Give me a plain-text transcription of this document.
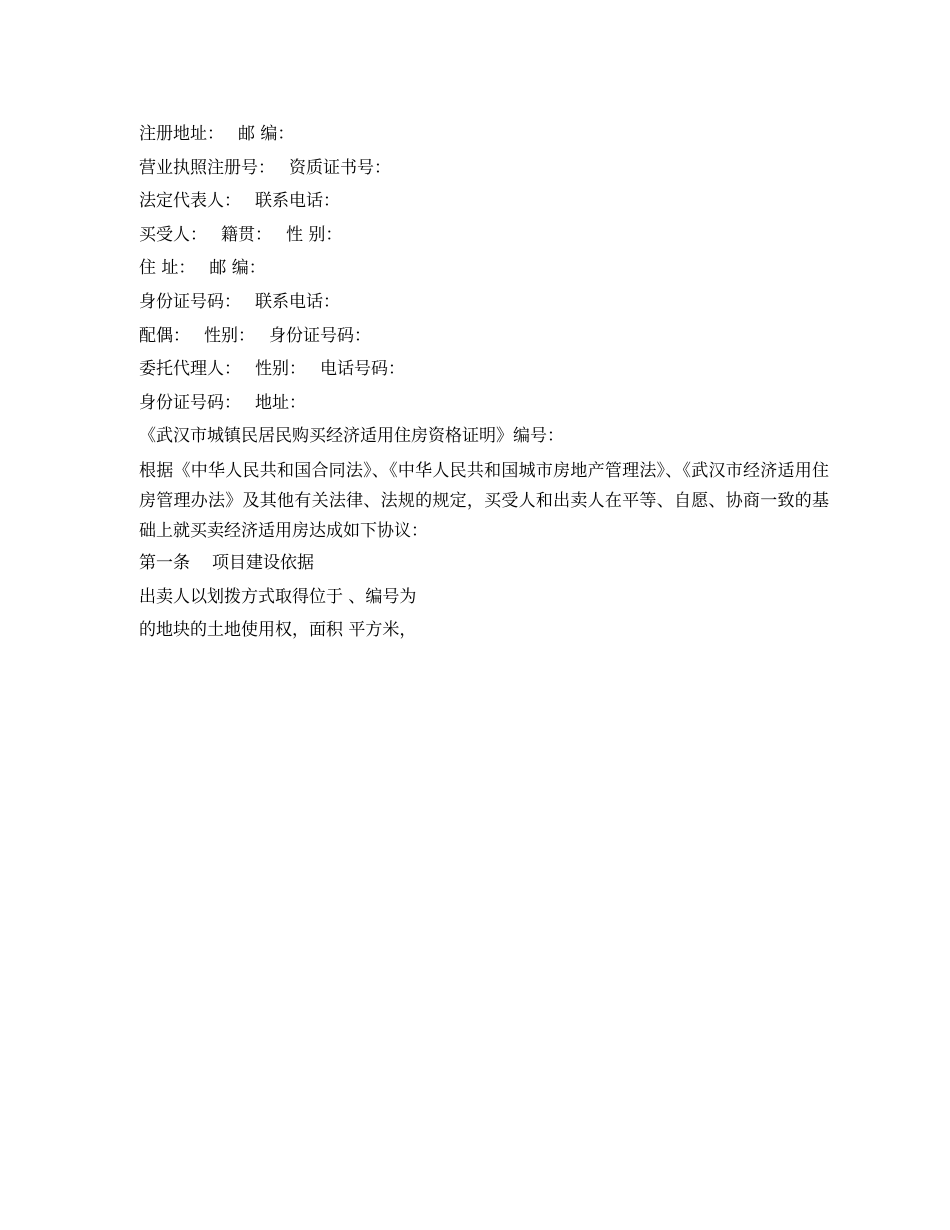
注册地址： 邮 编：
营业执照注册号： 资质证书号：
法定代表人： 联系电话：
买受人： 籍贯： 性 别：
住 址： 邮 编：
身份证号码： 联系电话：
配偶： 性别： 身份证号码：
委托代理人： 性别： 电话号码：
身份证号码： 地址：
《武汉市城镇民居民购买经济适用住房资格证明》编号：
根据《中华人民共和国合同法》、《中华人民共和国城市房地产管理法》、《武汉市经济适用住房管理办法》及其他有关法律、法规的规定，买受人和出卖人在平等、自愿、协商一致的基础上就买卖经济适用房达成如下协议：
第一条 项目建设依据
出卖人以划拨方式取得位于 、编号为
的地块的土地使用权，面积 平方米，
